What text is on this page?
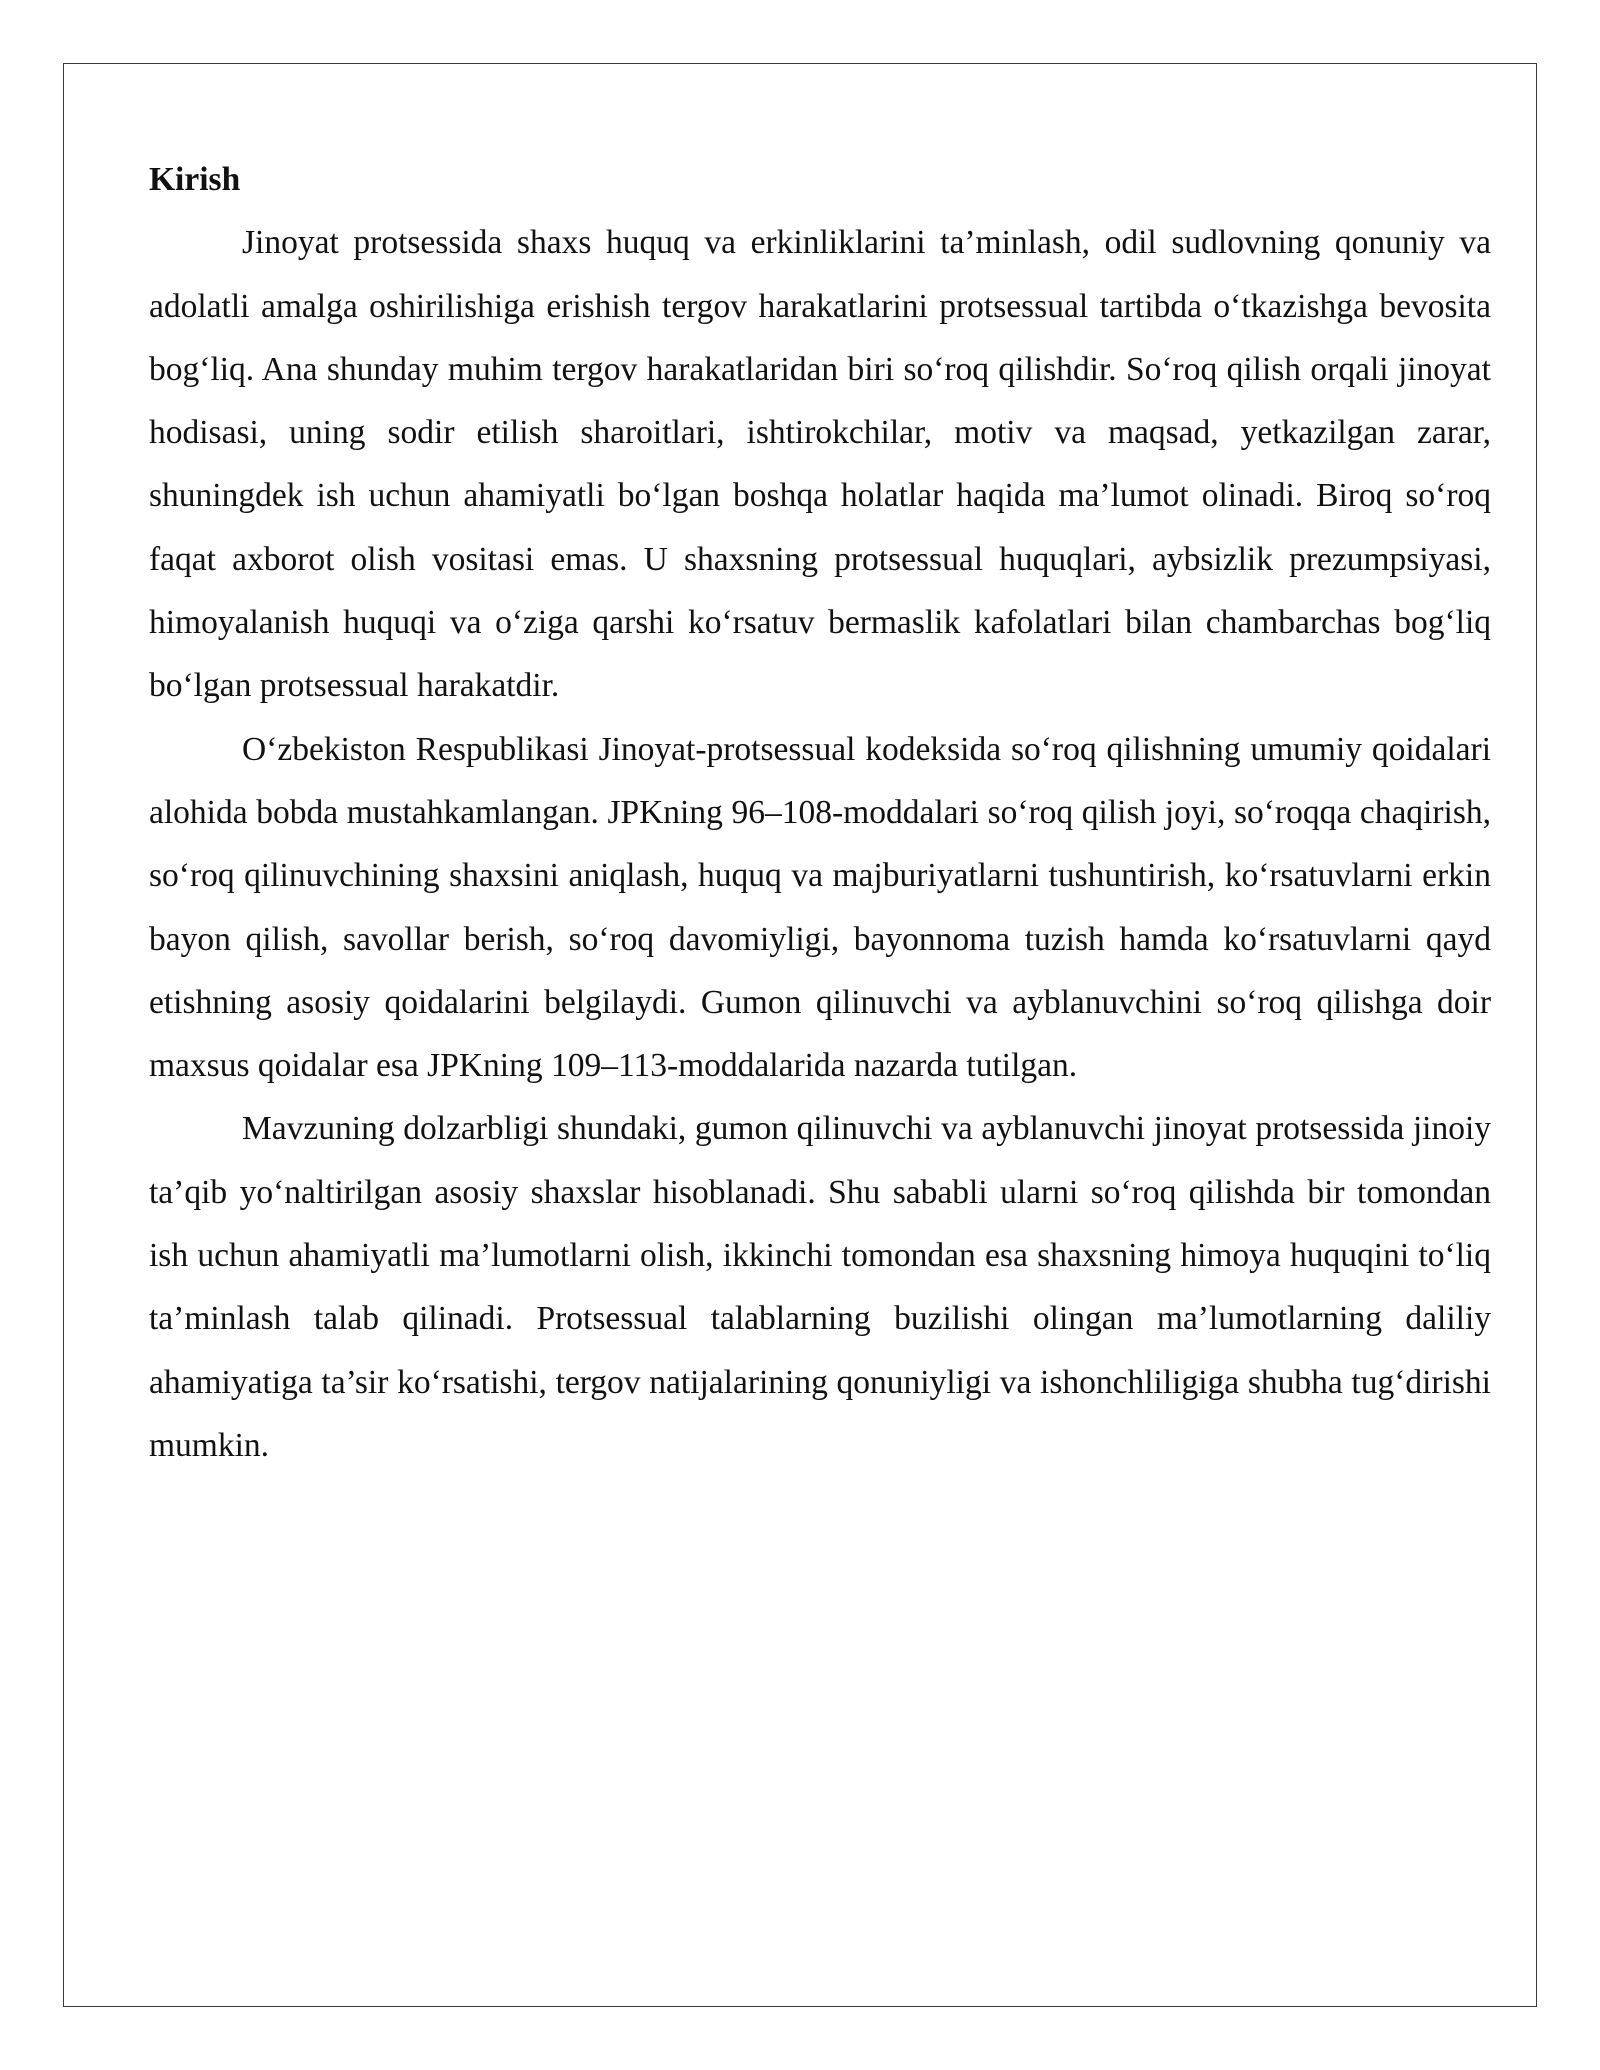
Kirish

Jinoyat protsessida shaxs huquq va erkinliklarini ta’minlash, odil sudlovning qonuniy va adolatli amalga oshirilishiga erishish tergov harakatlarini protsessual tartibda o‘tkazishga bevosita bog‘liq. Ana shunday muhim tergov harakatlaridan biri so‘roq qilishdir. So‘roq qilish orqali jinoyat hodisasi, uning sodir etilish sharoitlari, ishtirokchilar, motiv va maqsad, yetkazilgan zarar, shuningdek ish uchun ahamiyatli bo‘lgan boshqa holatlar haqida ma’lumot olinadi. Biroq so‘roq faqat axborot olish vositasi emas. U shaxsning protsessual huquqlari, aybsizlik prezumpsiyasi, himoyalanish huquqi va o‘ziga qarshi ko‘rsatuv bermaslik kafolatlari bilan chambarchas bog‘liq bo‘lgan protsessual harakatdir.

O‘zbekiston Respublikasi Jinoyat-protsessual kodeksida so‘roq qilishning umumiy qoidalari alohida bobda mustahkamlangan. JPKning 96–108-moddalari so‘roq qilish joyi, so‘roqqa chaqirish, so‘roq qilinuvchining shaxsini aniqlash, huquq va majburiyatlarni tushuntirish, ko‘rsatuvlarni erkin bayon qilish, savollar berish, so‘roq davomiyligi, bayonnoma tuzish hamda ko‘rsatuvlarni qayd etishning asosiy qoidalarini belgilaydi. Gumon qilinuvchi va ayblanuvchini so‘roq qilishga doir maxsus qoidalar esa JPKning 109–113-moddalarida nazarda tutilgan.

Mavzuning dolzarbligi shundaki, gumon qilinuvchi va ayblanuvchi jinoyat protsessida jinoiy ta’qib yo‘naltirilgan asosiy shaxslar hisoblanadi. Shu sababli ularni so‘roq qilishda bir tomondan ish uchun ahamiyatli ma’lumotlarni olish, ikkinchi tomondan esa shaxsning himoya huquqini to‘liq ta’minlash talab qilinadi. Protsessual talablarning buzilishi olingan ma’lumotlarning daliliy ahamiyatiga ta’sir ko‘rsatishi, tergov natijalarining qonuniyligi va ishonchliligiga shubha tug‘dirishi mumkin.
